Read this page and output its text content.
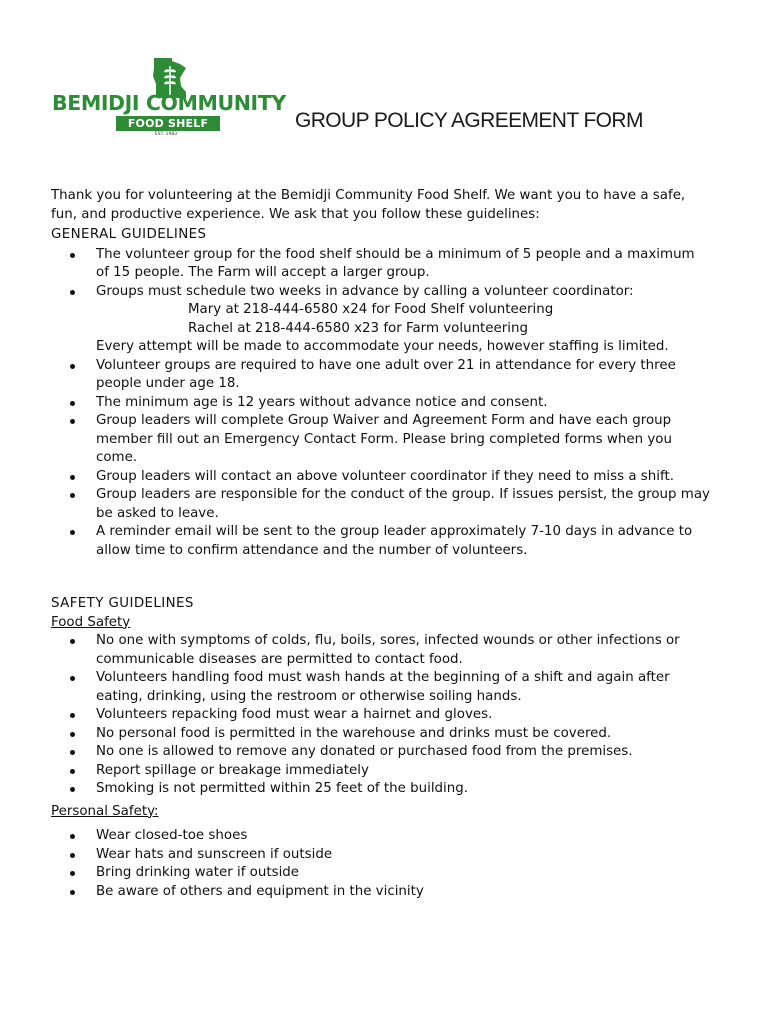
BEMIDJI COMMUNITY
FOOD SHELF
EST. 1983
GROUP POLICY AGREEMENT FORM

Thank you for volunteering at the Bemidji Community Food Shelf. We want you to have a safe, fun, and productive experience. We ask that you follow these guidelines:

GENERAL GUIDELINES

The volunteer group for the food shelf should be a minimum of 5 people and a maximum of 15 people. The Farm will accept a larger group.
Groups must schedule two weeks in advance by calling a volunteer coordinator:
Mary at 218-444-6580 x24 for Food Shelf volunteering
Rachel at 218-444-6580 x23 for Farm volunteering
Every attempt will be made to accommodate your needs, however staffing is limited.
Volunteer groups are required to have one adult over 21 in attendance for every three people under age 18.
The minimum age is 12 years without advance notice and consent.
Group leaders will complete Group Waiver and Agreement Form and have each group member fill out an Emergency Contact Form. Please bring completed forms when you come.
Group leaders will contact an above volunteer coordinator if they need to miss a shift.
Group leaders are responsible for the conduct of the group. If issues persist, the group may be asked to leave.
A reminder email will be sent to the group leader approximately 7-10 days in advance to allow time to confirm attendance and the number of volunteers.

SAFETY GUIDELINES

Food Safety

No one with symptoms of colds, flu, boils, sores, infected wounds or other infections or communicable diseases are permitted to contact food.
Volunteers handling food must wash hands at the beginning of a shift and again after eating, drinking, using the restroom or otherwise soiling hands.
Volunteers repacking food must wear a hairnet and gloves.
No personal food is permitted in the warehouse and drinks must be covered.
No one is allowed to remove any donated or purchased food from the premises.
Report spillage or breakage immediately
Smoking is not permitted within 25 feet of the building.

Personal Safety:

Wear closed-toe shoes
Wear hats and sunscreen if outside
Bring drinking water if outside
Be aware of others and equipment in the vicinity
